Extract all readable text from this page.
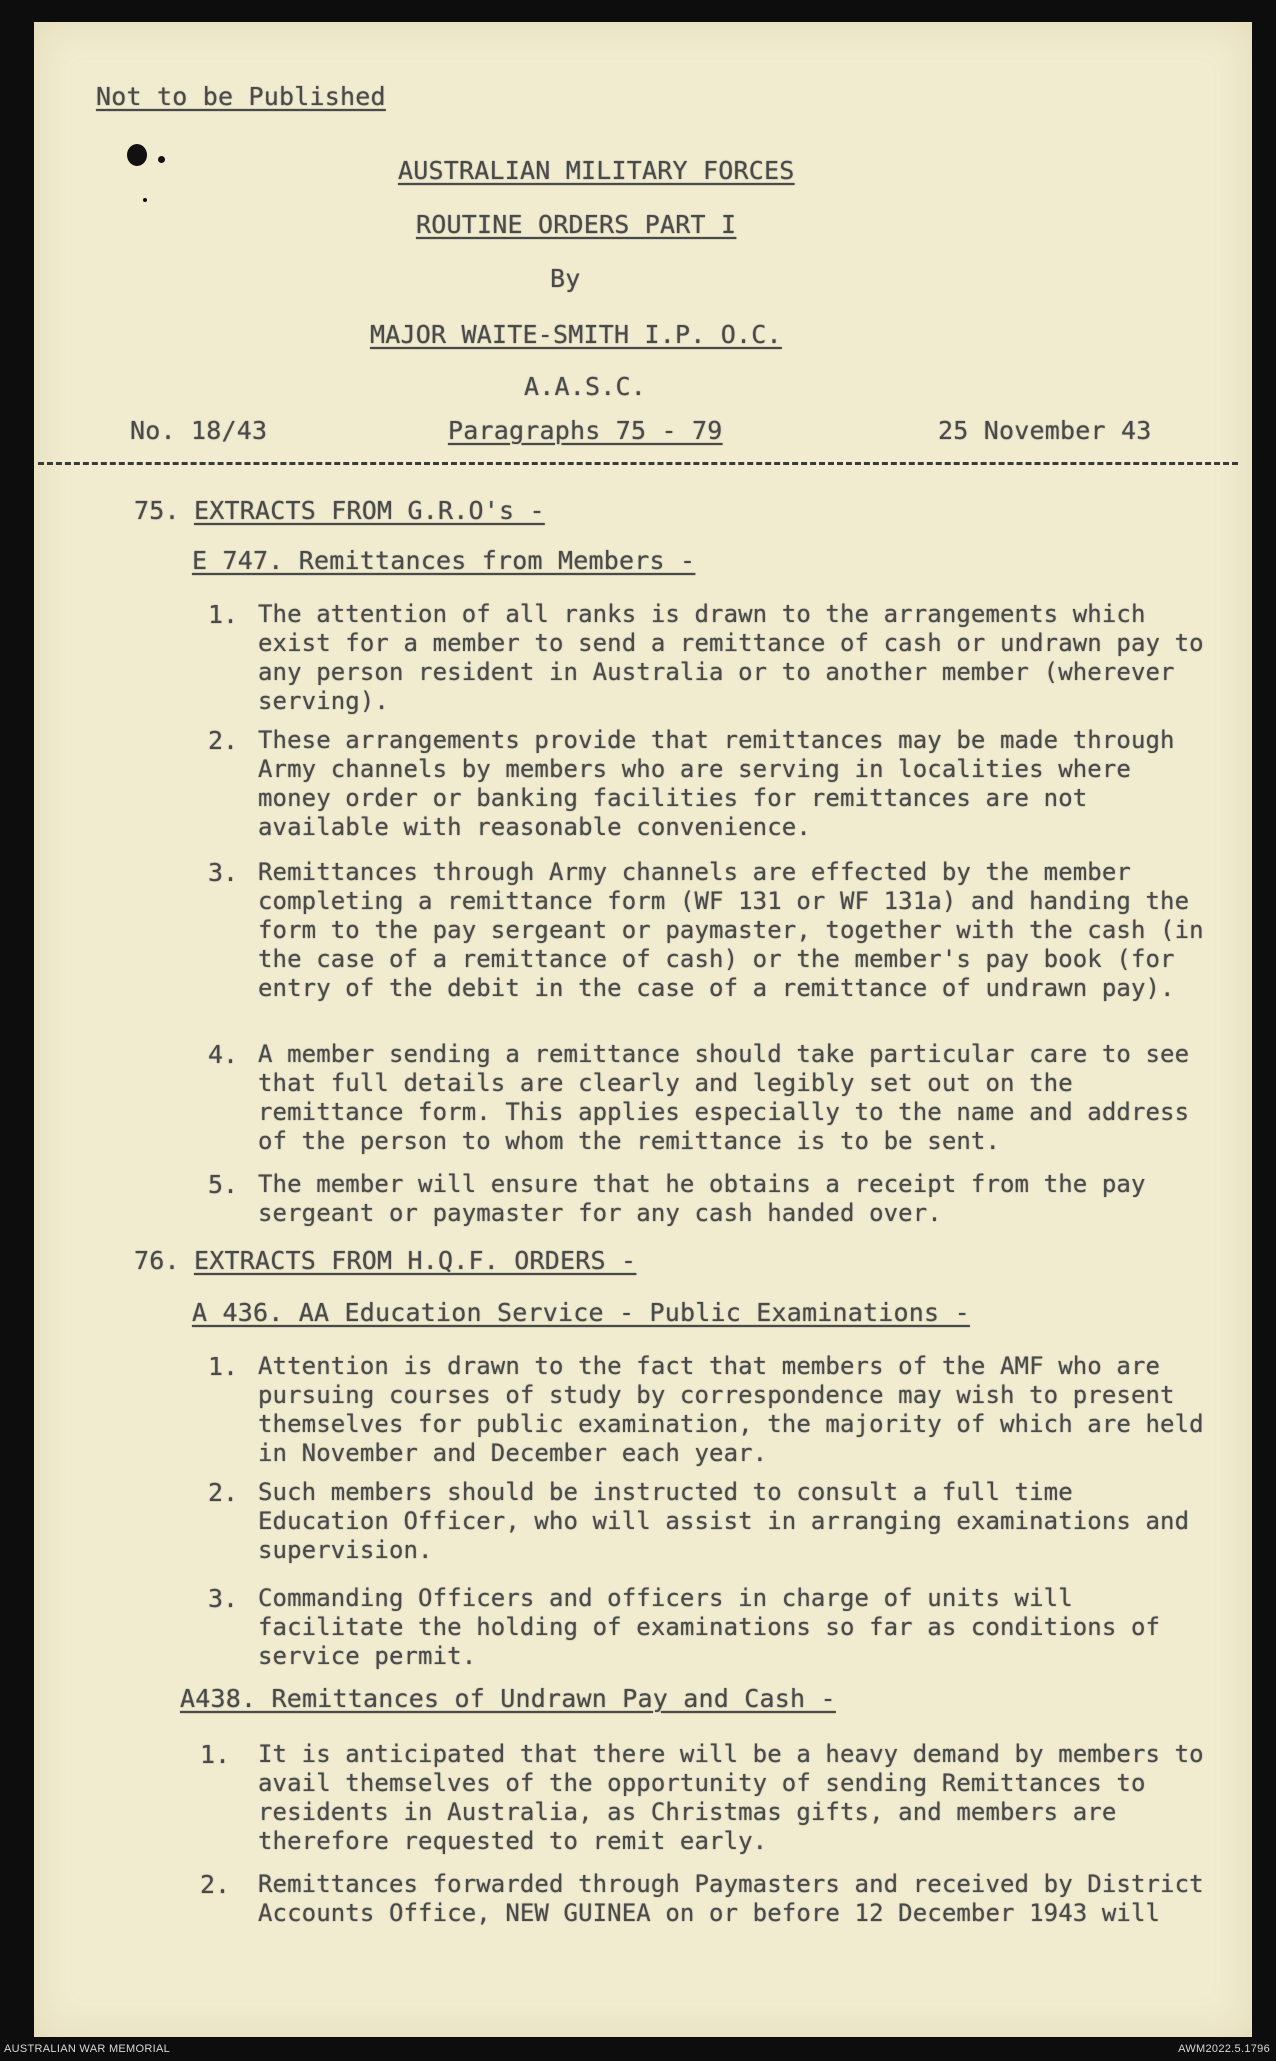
Not to be Published
AUSTRALIAN MILITARY FORCES
ROUTINE ORDERS PART I
By
MAJOR WAITE-SMITH I.P. O.C.
A.A.S.C.
No. 18/43	Paragraphs 75 - 79	25 November 43
75. EXTRACTS FROM G.R.O's -
E 747. Remittances from Members -
1. The attention of all ranks is drawn to the arrangements which exist for a member to send a remittance of cash or undrawn pay to any person resident in Australia or to another member (wherever serving).
2. These arrangements provide that remittances may be made through Army channels by members who are serving in localities where money order or banking facilities for remittances are not available with reasonable convenience.
3. Remittances through Army channels are effected by the member completing a remittance form (WF 131 or WF 131a) and handing the form to the pay sergeant or paymaster, together with the cash (in the case of a remittance of cash) or the member's pay book (for entry of the debit in the case of a remittance of undrawn pay).
4. A member sending a remittance should take particular care to see that full details are clearly and legibly set out on the remittance form. This applies especially to the name and address of the person to whom the remittance is to be sent.
5. The member will ensure that he obtains a receipt from the pay sergeant or paymaster for any cash handed over.
76. EXTRACTS FROM H.Q.F. ORDERS -
A 436. AA Education Service - Public Examinations -
1. Attention is drawn to the fact that members of the AMF who are pursuing courses of study by correspondence may wish to present themselves for public examination, the majority of which are held in November and December each year.
2. Such members should be instructed to consult a full time Education Officer, who will assist in arranging examinations and supervision.
3. Commanding Officers and officers in charge of units will facilitate the holding of examinations so far as conditions of service permit.
A438. Remittances of Undrawn Pay and Cash -
1. It is anticipated that there will be a heavy demand by members to avail themselves of the opportunity of sending Remittances to residents in Australia, as Christmas gifts, and members are therefore requested to remit early.
2. Remittances forwarded through Paymasters and received by District Accounts Office, NEW GUINEA on or before 12 December 1943 will
AUSTRALIAN WAR MEMORIAL	AWM2022.5.1796
